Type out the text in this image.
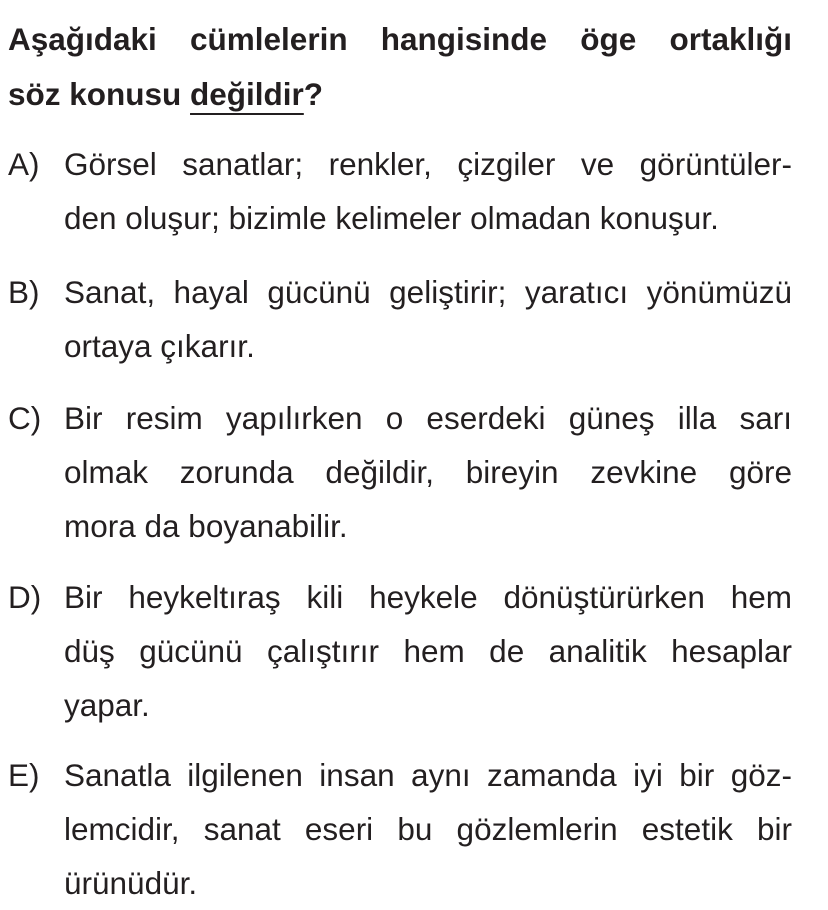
Aşağıdaki cümlelerin hangisinde öge ortaklığı
söz konusu değildir?
A) Görsel sanatlar; renkler, çizgiler ve görüntüler-
den oluşur; bizimle kelimeler olmadan konuşur.
B) Sanat, hayal gücünü geliştirir; yaratıcı yönümüzü
ortaya çıkarır.
C) Bir resim yapılırken o eserdeki güneş illa sarı
olmak zorunda değildir, bireyin zevkine göre
mora da boyanabilir.
D) Bir heykeltıraş kili heykele dönüştürürken hem
düş gücünü çalıştırır hem de analitik hesaplar
yapar.
E) Sanatla ilgilenen insan aynı zamanda iyi bir göz-
lemcidir, sanat eseri bu gözlemlerin estetik bir
ürünüdür.
